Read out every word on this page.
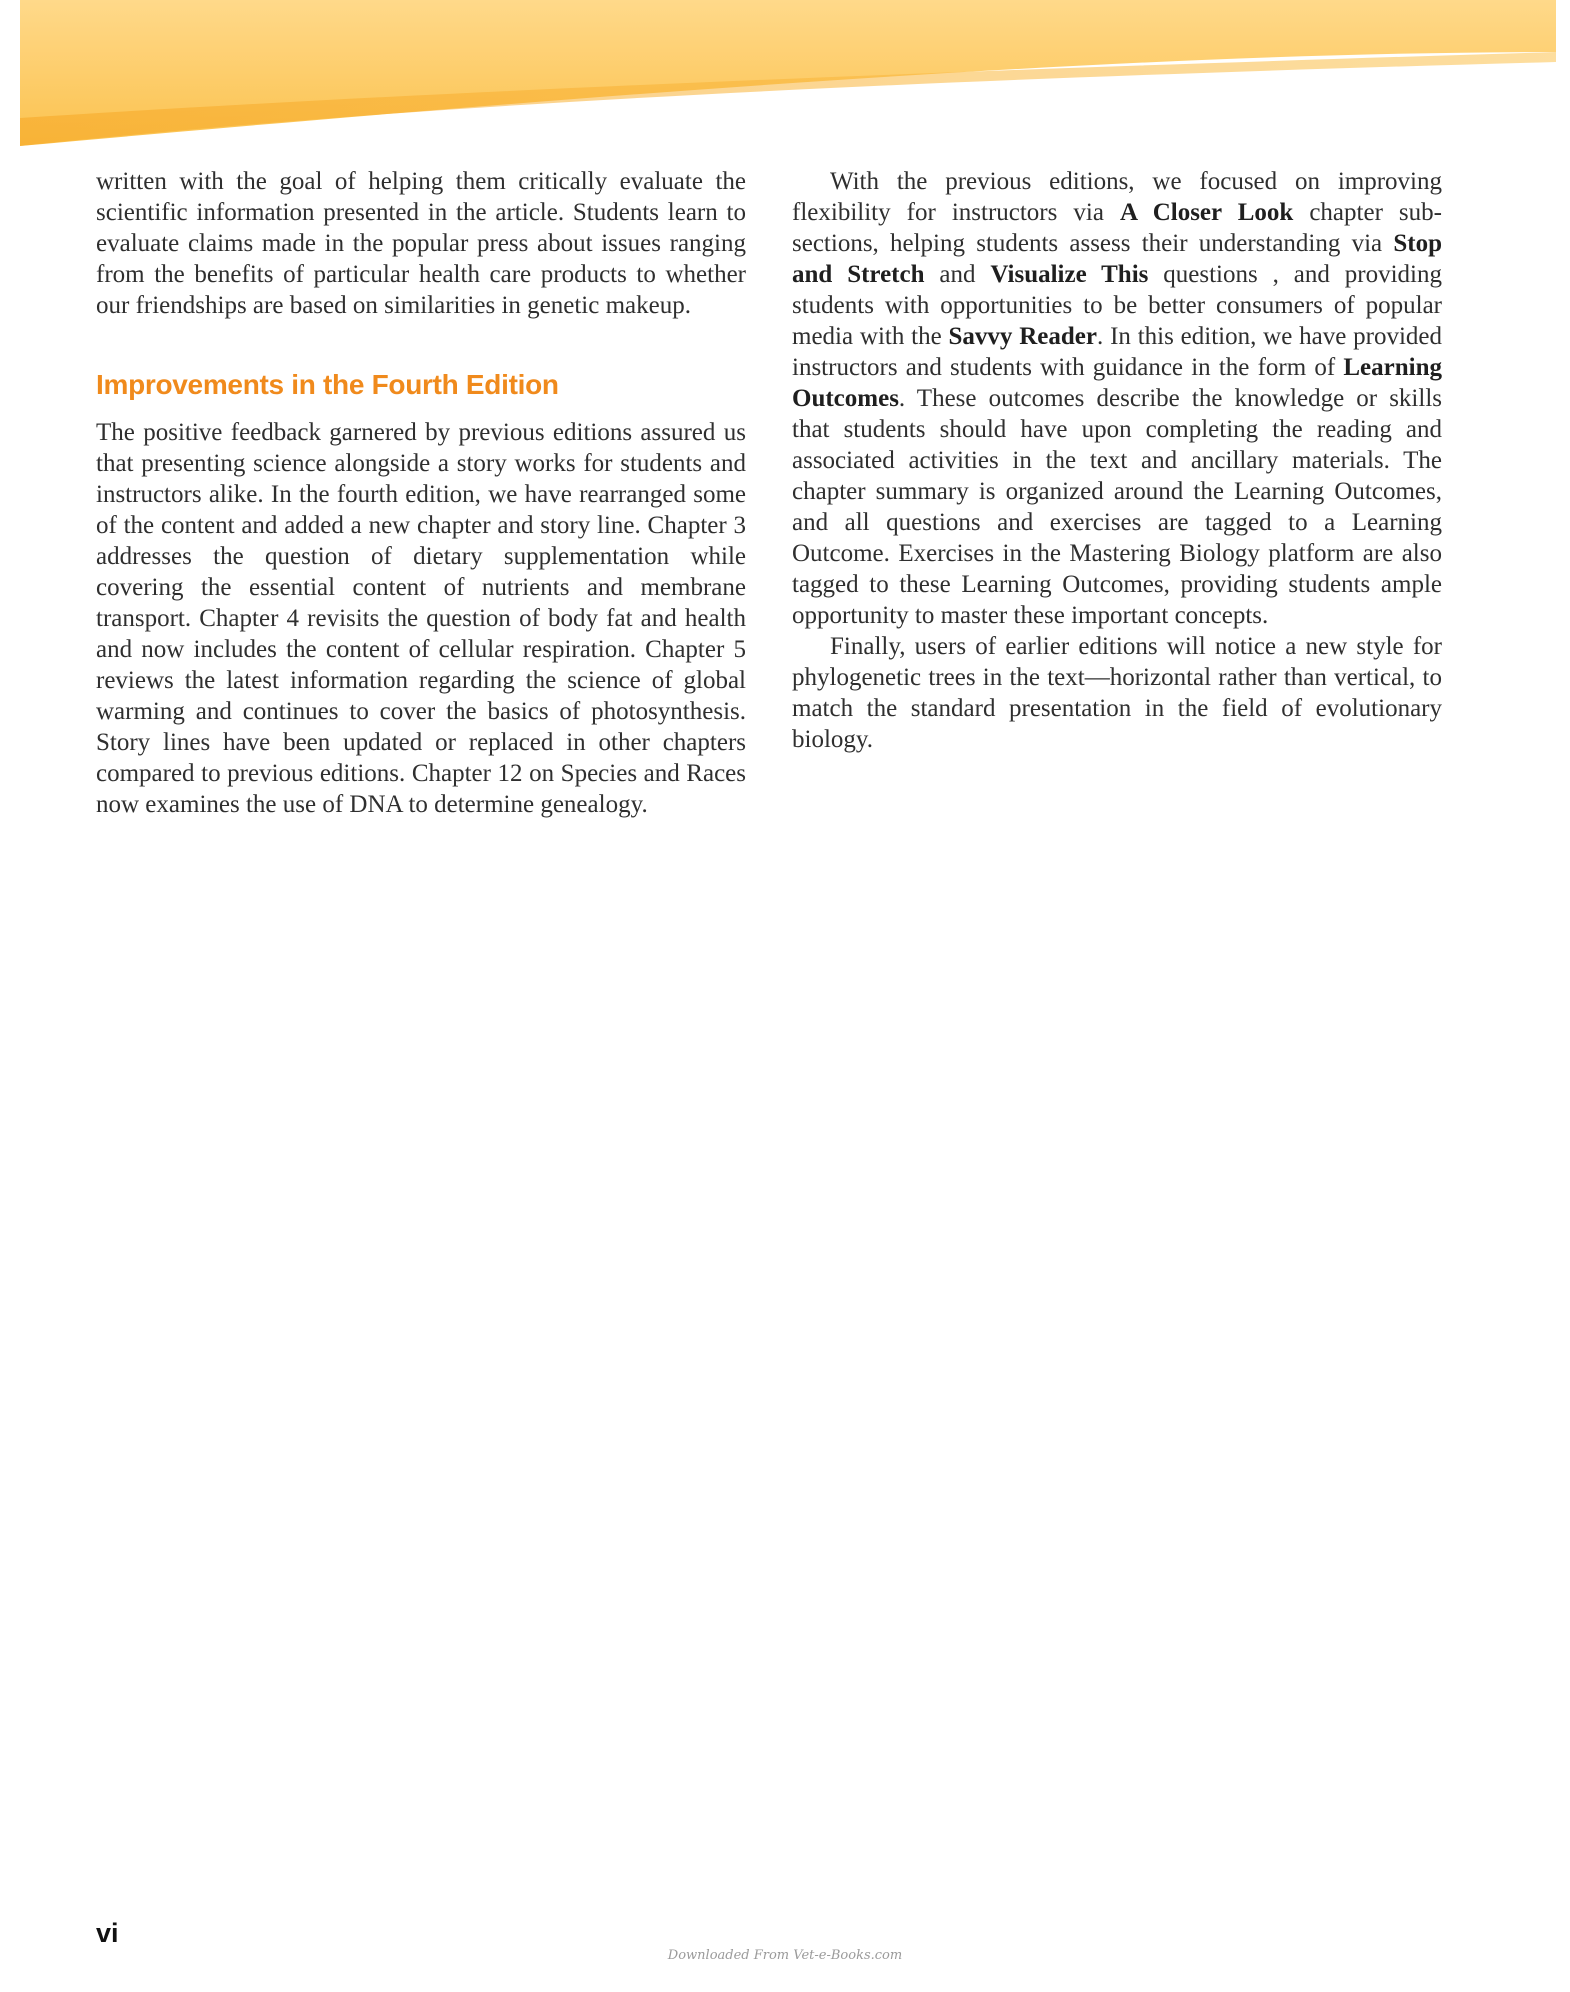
written with the goal of helping them critically evaluate the scientific information presented in the article. Students learn to evaluate claims made in the popular press about issues ranging from the benefits of particular health care products to whether our friendships are based on similarities in genetic makeup.

Improvements in the Fourth Edition

The positive feedback garnered by previous editions assured us that presenting science alongside a story works for students and instructors alike. In the fourth edition, we have rearranged some of the content and added a new chapter and story line. Chapter 3 addresses the question of dietary supplementation while covering the essential content of nutrients and membrane transport. Chapter 4 revisits the question of body fat and health and now includes the content of cellular respiration. Chapter 5 reviews the latest information regarding the science of global warming and continues to cover the basics of photosynthesis. Story lines have been updated or replaced in other chapters compared to previous editions. Chapter 12 on Species and Races now examines the use of DNA to determine genealogy.

With the previous editions, we focused on improving flexibility for instructors via A Closer Look chapter subsections, helping students assess their understanding via Stop and Stretch and Visualize This questions , and providing students with opportunities to be better consumers of popular media with the Savvy Reader. In this edition, we have provided instructors and students with guidance in the form of Learning Outcomes. These outcomes describe the knowledge or skills that students should have upon completing the reading and associated activities in the text and ancillary materials. The chapter summary is organized around the Learning Outcomes, and all questions and exercises are tagged to a Learning Outcome. Exercises in the Mastering Biology platform are also tagged to these Learning Outcomes, providing students ample opportunity to master these important concepts.

Finally, users of earlier editions will notice a new style for phylogenetic trees in the text—horizontal rather than vertical, to match the standard presentation in the field of evolutionary biology.

vi
Downloaded From Vet-e-Books.com
